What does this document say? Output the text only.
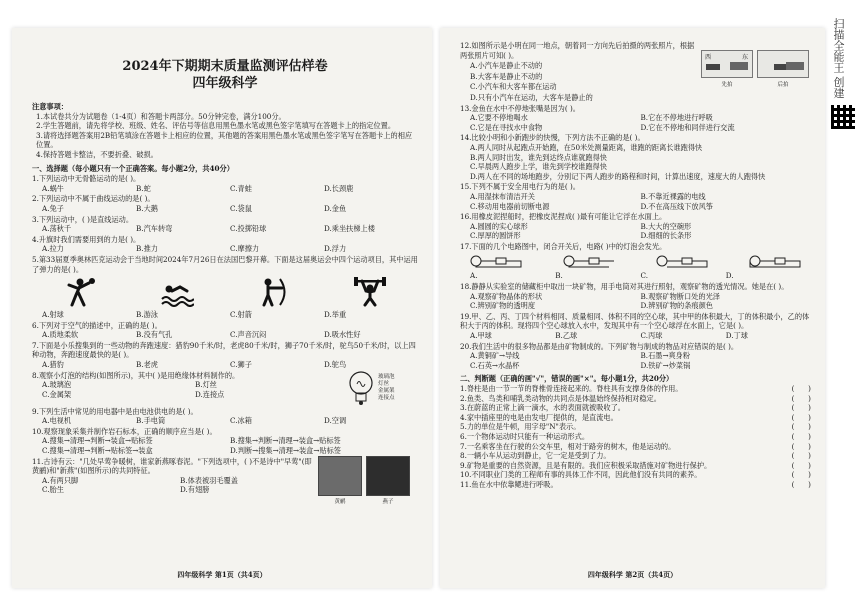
2024年下期期末质量监测评估样卷
四年级科学
注意事项：
1.本试卷共分为试题卷（1-4页）和答题卡两部分。50分钟完卷，满分100分。
2.学生答题前，请先将学校、班级、姓名、评估号等信息用黑色墨水笔或黑色签字笔填写在答题卡上的指定位置。
3.请将选择题答案用2B铅笔填涂在答题卡上相应的位置，其他题的答案用黑色墨水笔或黑色签字笔写在答题卡上的相应位置。
4.保持答题卡整洁，不要折叠、破损。
一、选择题（每小题只有一个正确答案。每小题2分，共40分）
1.下列运动中无骨骼运动的是( )。
A.蜗牛	B.蛇	C.青蛙	D.长颈鹿
2.下列运动中不属于曲线运动的是( )。
A.兔子	B.大鹅	C.袋鼠	D.金鱼
3.下列运动中，( )是直线运动。
A.荡秋千	B.汽车转弯	C.投掷铅球	D.乘坐扶梯上楼
4.升旗时我们需要用到的力是( )。
A.拉力	B.推力	C.摩擦力	D.浮力
5.第33届夏季奥林匹克运动会于当地时间2024年7月26日在法国巴黎开幕。下面是这届奥运会中四个运动项目，其中运用了弹力的是( )。
A.射球	B.游泳	C.射箭	D.举重
6.下列对于空气的描述中，正确的是( )。
A.质地柔软	B.没有气孔	C.声音沉闷	D.吸水性好
7.下面是小乐搜集到的一些动物的奔跑速度：猎豹90千米/时，老虎80千米/时，狮子70千米/时，驼鸟50千米/时，以上四种动物，奔跑速度最快的是( )。
A.猎豹	B.老虎	C.狮子	D.鸵鸟
8.观察小灯泡的结构(如图所示)，其中( )是用绝缘体材料制作的。
A.玻璃泡	B.灯丝
C.金属架	D.连接点
玻璃泡
灯丝
金属架
连接点
9.下列生活中常见的用电器中是由电池供电的是( )。
A.电视机	B.手电筒	C.冰箱	D.空调
10.观察现象采集并制作岩石标本，正确的顺序应当是( )。
A.搜集→清理→判断→装盒→贴标签	B.搜集→判断→清理→装盒→贴标签
C.搜集→清理→判断→贴标签→装盒	D.判断→搜集→清理→装盒→贴标签
11.古诗有云："几处早莺争暖树，谁家新燕啄春泥。"下列选项中，( )不是诗中"早莺"(即黄鹂)和"新燕"(如图所示)的共同特征。
A.有两只脚	B.体表被羽毛覆盖
C.胎生	D.有翅膀
黄鹂	燕子
四年级科学 第1页（共4页）
12.如图所示是小明在同一地点，朝着同一方向先后拍摄的两张照片，根据两张照片可知( )。
A.小汽车是静止不动的
B.大客车是静止不动的
C.小汽车和大客车都在运动
D.只有小汽车在运动，大客车是静止的
西	东
先拍	后拍
13.金鱼在水中不停地张嘴是因为( )。
A.它要不停地喝水	B.它在不停地进行呼吸
C.它是在寻找水中食物	D.它在不停地和同伴进行交流
14.比较小明和小新跑步的快慢，下列方法不正确的是( )。
A.两人同时从起跑点开始跑，在50米处测量距离，谁跑的距离长谁跑得快
B.两人同时出发，谁先到达终点谁就跑得快
C.早晨两人跑步上学，谁先到学校谁跑得快
D.两人在不同的场地跑步，分别记下两人跑步的路程和时间，计算出速度，速度大的人跑得快
15.下列不属于安全用电行为的是( )。
A.用湿抹布清洁开关	B.不靠近裸露的电线
C.移动用电器前切断电源	D.不在高压线下放风筝
16.用橡皮泥捏船时，把橡皮泥捏成( )最有可能让它浮在水面上。
A.圆圆的实心球形	B.大大的空碗形
C.厚厚的圆饼形	D.细细的长条形
17.下面的几个电路图中，闭合开关后，电路( )中的灯泡会发光。
A.	B.	C.	D.
18.静静从实验室的储藏柜中取出一块矿物，用手电筒对其进行照射，观察矿物的透光情况。她是在( )。
A.观察矿物晶体的形状	B.观察矿物断口处的光泽
C.辨别矿物的透明度	D.辨别矿物的条痕颜色
19.甲、乙、丙、丁四个材料相同、质量相同、体积不同的空心球，其中甲的体积最大，丁的体积最小，乙的体积大于丙的体积。现将四个空心球放入水中，发现其中有一个空心球浮在水面上，它是( )。
A.甲球	B.乙球	C.丙球	D.丁球
20.我们生活中的很多物品都是由矿物制成的。下列矿物与制成的物品对应错误的是( )。
A.黄铜矿→导线	B.石墨→爽身粉
C.石英→水晶杯	D.铁矿→炒菜锅
二、判断题（正确的画"√"，错误的画"×"。每小题1分，共20分）
1.脊柱是由一节一节的脊椎骨连接起来的。脊柱具有支撑身体的作用。	(      )
2.鱼类、鸟类和哺乳类动物的共同点是体温始终保持相对稳定。	(      )
3.在蔚蓝的正常上滴一滴水，水的表面就被吸收了。	(      )
4.家中插座里的电是由发电厂提供的，是直流电。	(      )
5.力的单位是牛顿，用字母"N"表示。	(      )
6.一个物体运动时只能有一种运动形式。	(      )
7.一名乘客坐在行驶的公交车里，相对于路旁的树木，他是运动的。	(      )
8.一辆小车从运动到静止，它一定是受到了力。	(      )
9.矿物是重要的自然资源，且是有限的。我们应积极采取措施对矿物进行保护。	(      )
10.不同职业门类的工程师有事的具体工作不同，因此他们没有共同的素养。	(      )
11.鱼在水中依靠鳃进行呼吸。	(      )
四年级科学 第2页（共4页）
扫描全能王 创建
